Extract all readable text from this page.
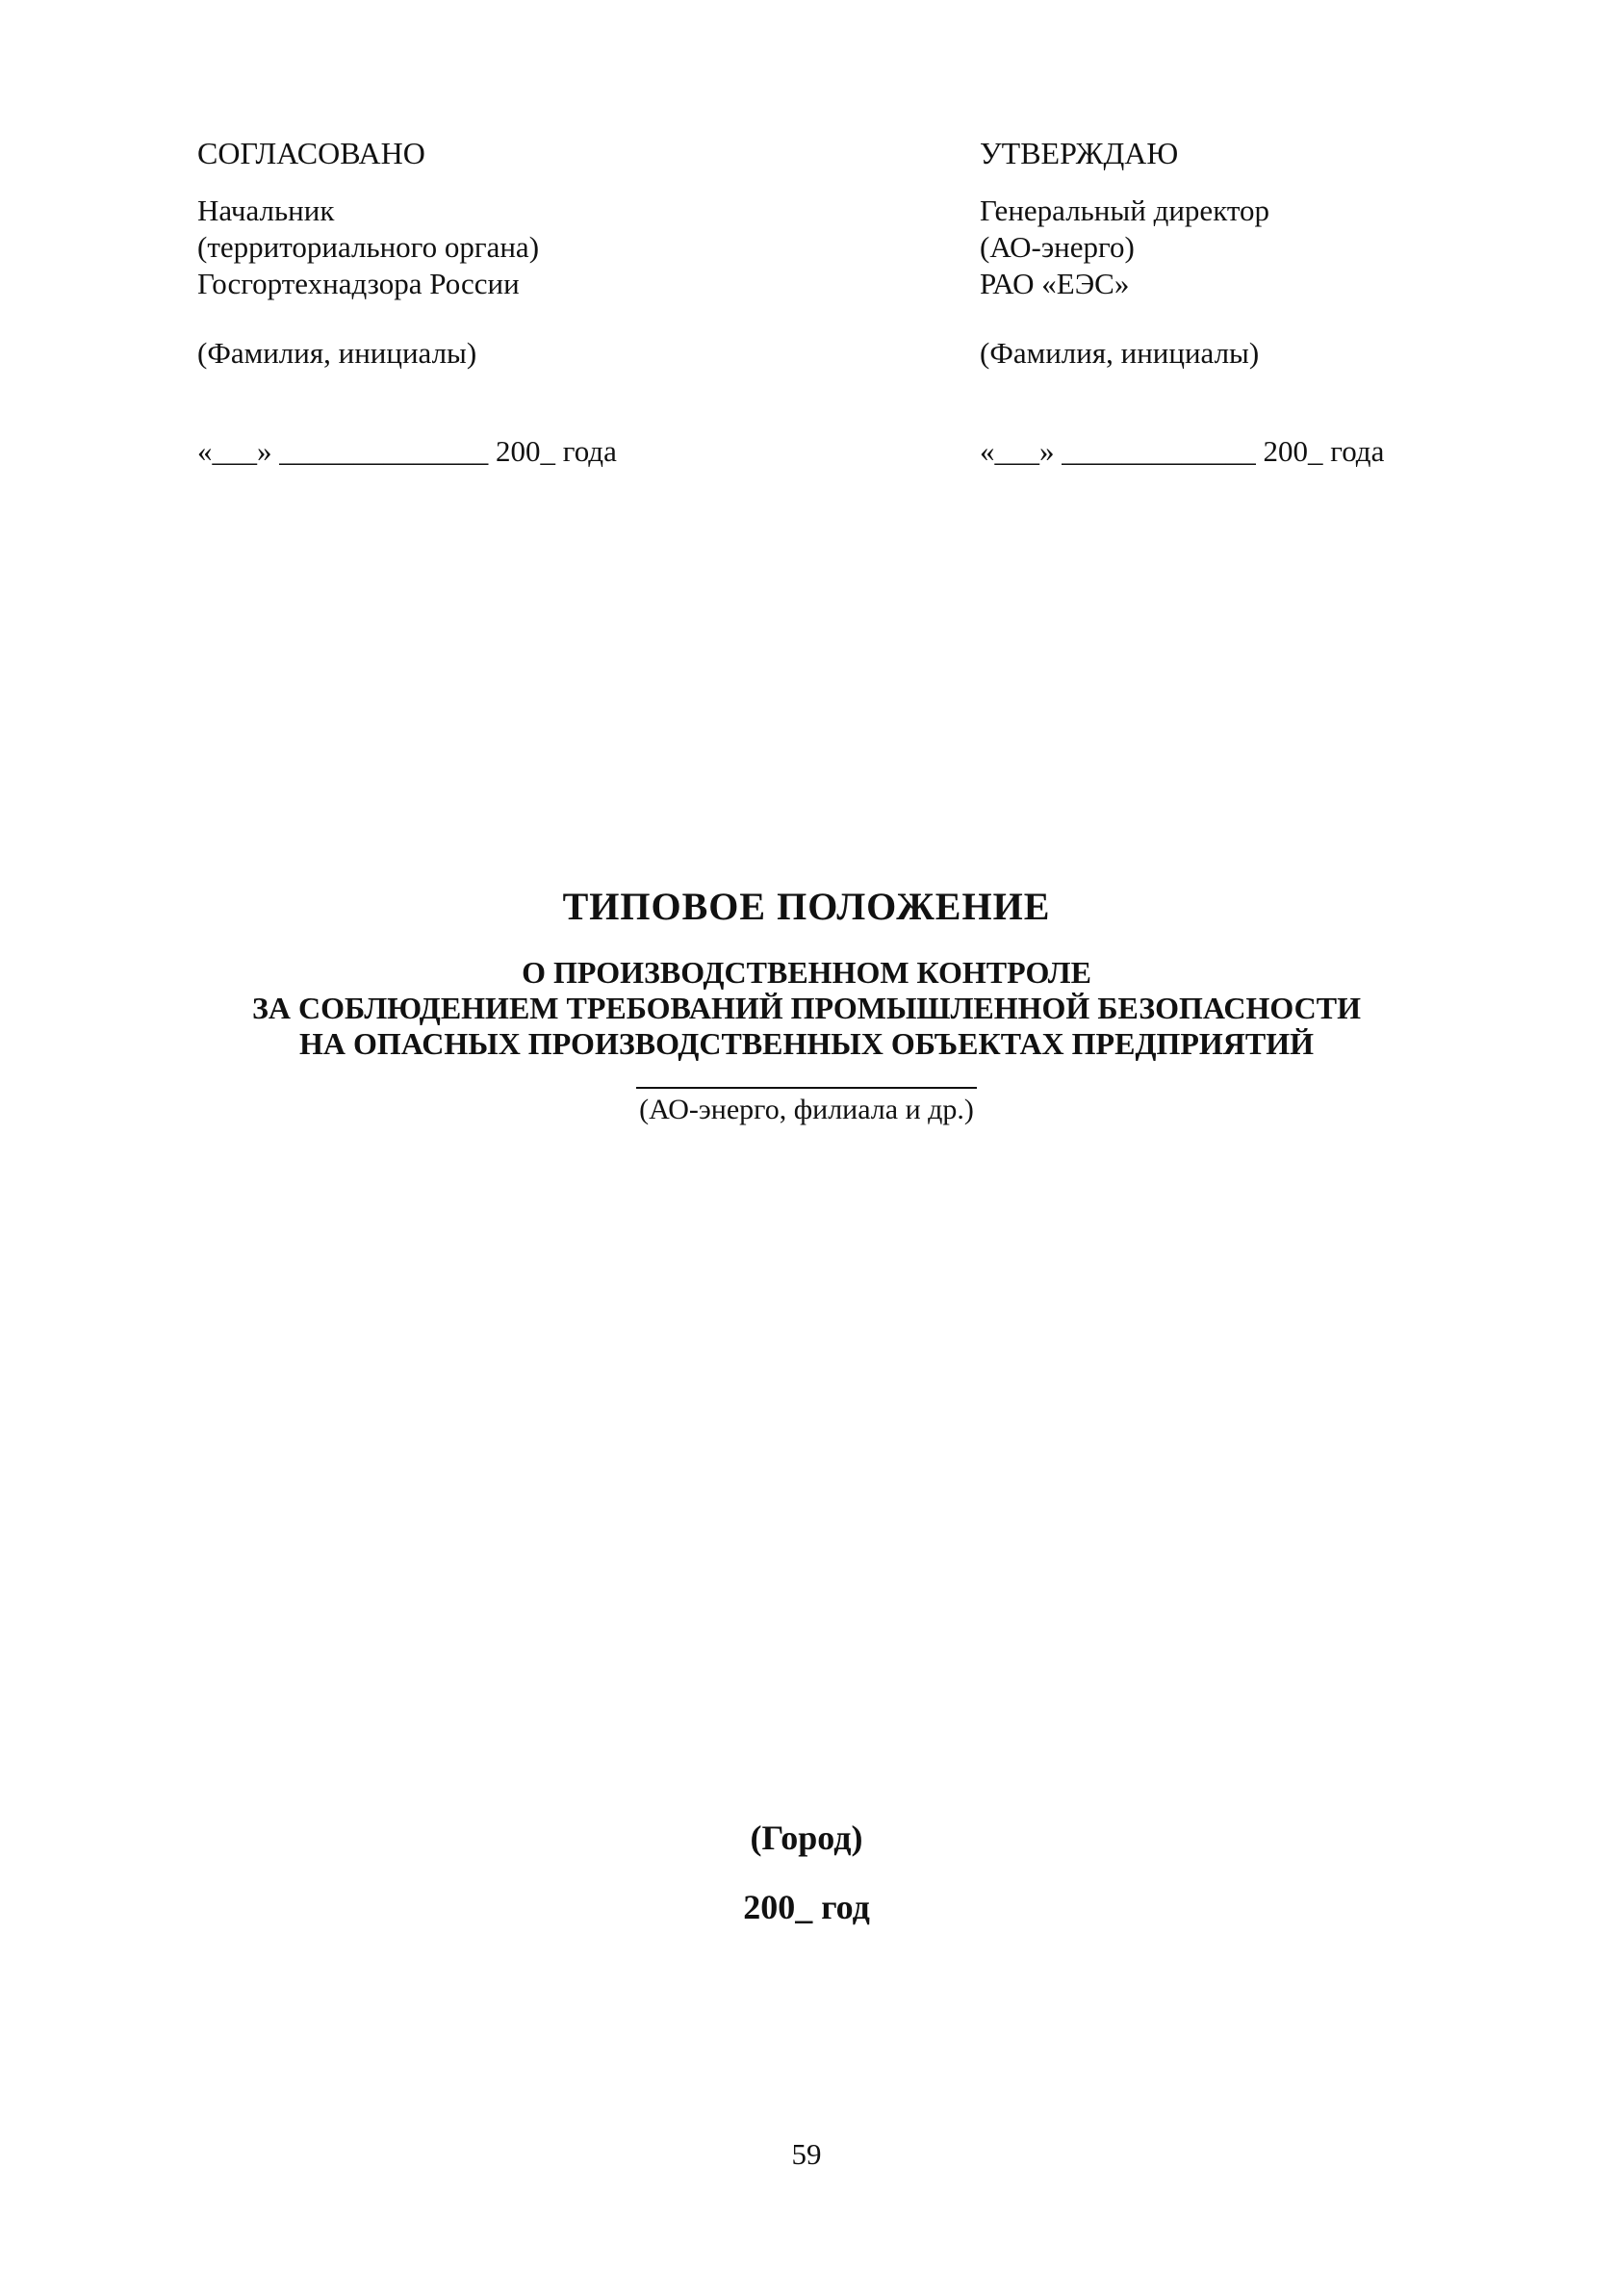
СОГЛАСОВАНО
Начальник
(территориального органа)
Госгортехнадзора России
(Фамилия, инициалы)
«___» ______________ 200_ года
УТВЕРЖДАЮ
Генеральный директор
(АО-энерго)
РАО «ЕЭС»
(Фамилия, инициалы)
«___» _____________ 200_ года
ТИПОВОЕ ПОЛОЖЕНИЕ
О ПРОИЗВОДСТВЕННОМ КОНТРОЛЕ
ЗА СОБЛЮДЕНИЕМ ТРЕБОВАНИЙ ПРОМЫШЛЕННОЙ БЕЗОПАСНОСТИ
НА ОПАСНЫХ ПРОИЗВОДСТВЕННЫХ ОБЪЕКТАХ ПРЕДПРИЯТИЙ
(АО-энерго, филиала и др.)
(Город)
200_ год
59
